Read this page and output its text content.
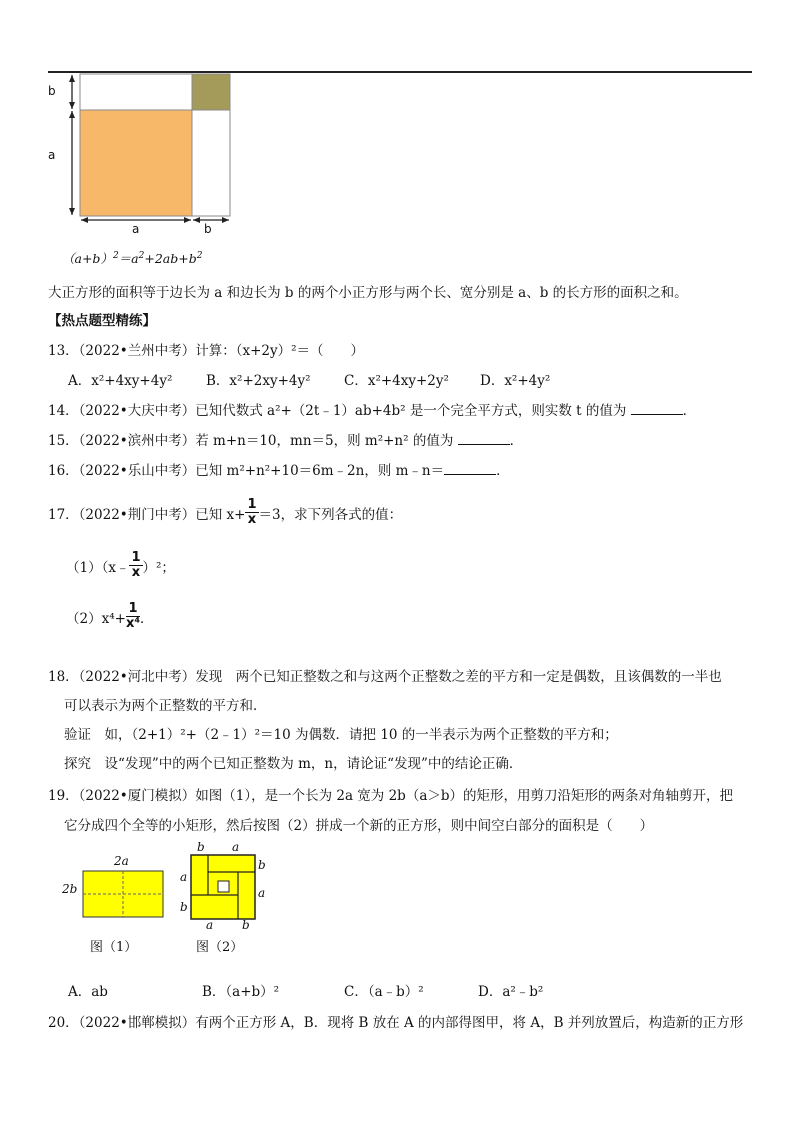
b
a
a	b
$(a+b)^2=a^2+2ab+b^2$
大正方形的面积等于边长为 a 和边长为 b 的两个小正方形与两个长、宽分别是 a、b 的长方形的面积之和。
【热点题型精练】
13．（2022•兰州中考）计算：（x+2y）²＝（　　）
A．x²+4xy+4y² B．x²+2xy+4y² C．x²+4xy+2y² D．x²+4y²
14．（2022•大庆中考）已知代数式 a²+（2t﹣1）ab+4b² 是一个完全平方式，则实数 t 的值为	．
15．（2022•滨州中考）若 m+n＝10，mn＝5，则 m²+n² 的值为	．
16．（2022•乐山中考）已知 m²+n²+10＝6m﹣2n，则 m﹣n＝	．
17．（2022•荆门中考）已知 $x+ \frac{1}{x} =3$，求下列各式的值：
（1）（x﹣ $\frac{1}{x} )^2$；
$(2)x^4+ \frac{1}{\text{x⁴}}$ ．
18．（2022•河北中考）发现　两个已知正整数之和与这两个正整数之差的平方和一定是偶数，且该偶数的一半也
可以表示为两个正整数的平方和．
验证　如，（2+1）²+（2﹣1）²＝10 为偶数．请把 10 的一半表示为两个正整数的平方和；
探究　设“发现”中的两个已知正整数为 m，n，请论证“发现”中的结论正确．
19．（2022•厦门模拟）如图（1），是一个长为 2a 宽为 2b（a＞b）的矩形，用剪刀沿矩形的两条对角轴剪开，把
它分成四个全等的小矩形，然后按图（2）拼成一个新的正方形，则中间空白部分的面积是（　　）
2a
2b
图（1）
b a
b
a
a
b
a b
图（2）
A．ab	B．（a+b）²	C．（a﹣b）²	D．a²﹣b²
20．（2022•邯郸模拟）有两个正方形 A，B．现将 B 放在 A 的内部得图甲，将 A，B 并列放置后，构造新的正方形
